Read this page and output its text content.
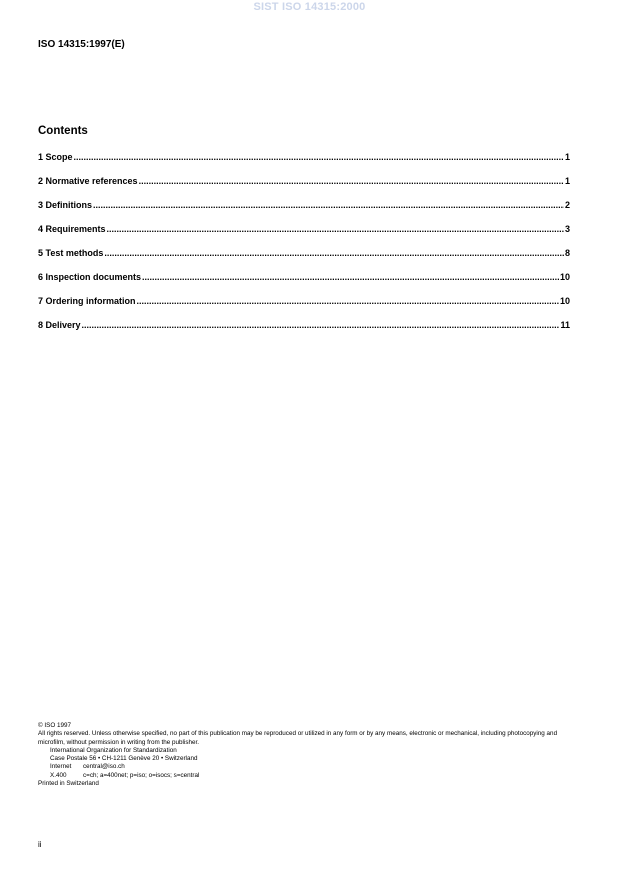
SIST ISO 14315:2000
ISO 14315:1997(E)
Contents
1 Scope .....	1
2 Normative references .....	1
3 Definitions .....	2
4 Requirements .....	3
5 Test methods .....	8
6 Inspection documents .....	10
7 Ordering information .....	10
8 Delivery .....	11
© ISO 1997
All rights reserved. Unless otherwise specified, no part of this publication may be reproduced or utilized in any form or by any means, electronic or mechanical, including photocopying and microfilm, without permission in writing from the publisher.
International Organization for Standardization
Case Postale 56 • CH-1211 Genève 20 • Switzerland
Internet central@iso.ch
X.400	c=ch; a=400net; p=iso; o=isocs; s=central
Printed in Switzerland
ii
